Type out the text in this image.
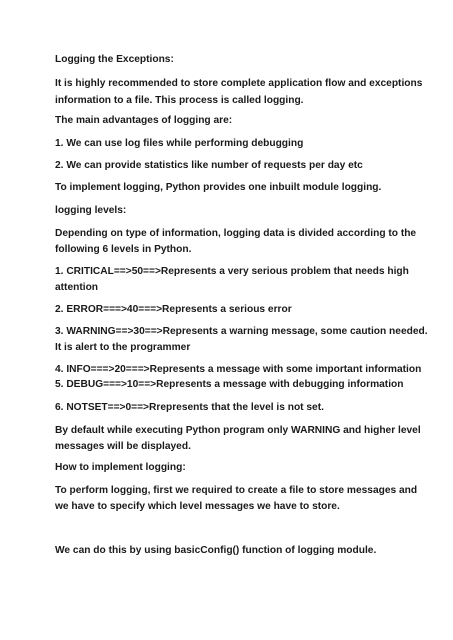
Logging the Exceptions:

It is highly recommended to store complete application flow and exceptions

information to a file. This process is called logging.

The main advantages of logging are:

1. We can use log files while performing debugging

2. We can provide statistics like number of requests per day etc

To implement logging, Python provides one inbuilt module logging.

logging levels:

Depending on type of information, logging data is divided according to the

following 6 levels in Python.

1. CRITICAL==>50==>Represents a very serious problem that needs high

attention

2. ERROR===>40===>Represents a serious error

3. WARNING==>30==>Represents a warning message, some caution needed.

It is alert to the programmer

4. INFO===>20===>Represents a message with some important information

5. DEBUG===>10==>Represents a message with debugging information

6. NOTSET==>0==>Rrepresents that the level is not set.

By default while executing Python program only WARNING and higher level

messages will be displayed.

How to implement logging:

To perform logging, first we required to create a file to store messages and

we have to specify which level messages we have to store.

We can do this by using basicConfig() function of logging module.
